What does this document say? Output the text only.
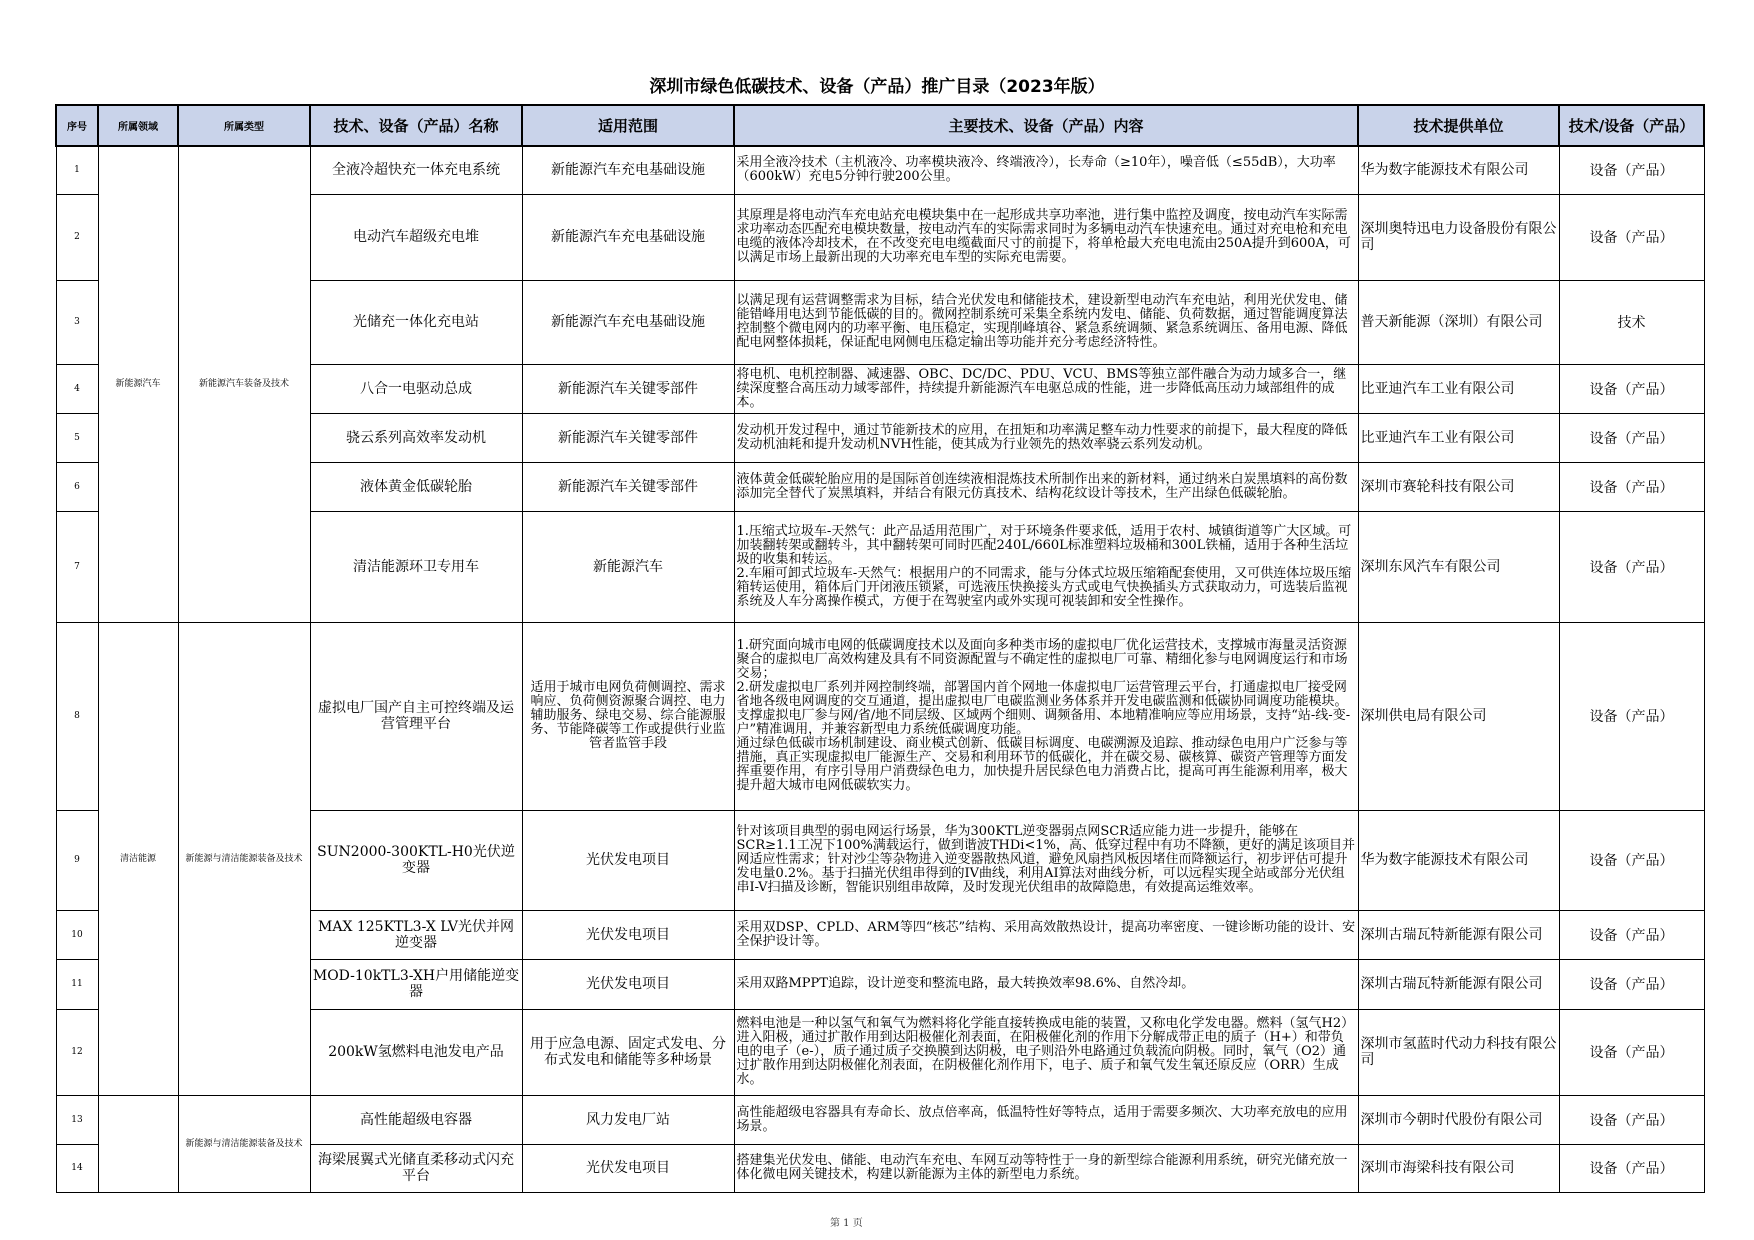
深圳市绿色低碳技术、设备（产品）推广目录（2023年版）
序号	所属领域	所属类型	技术、设备（产品）名称	适用范围	主要技术、设备（产品）内容	技术提供单位	技术/设备（产品）
1	新能源汽车	新能源汽车装备及技术	全液冷超快充一体充电系统	新能源汽车充电基础设施	采用全液冷技术（主机液冷、功率模块液冷、终端液冷），长寿命（≥10年），噪音低（≤55dB），大功率（600kW）充电5分钟行驶200公里。	华为数字能源技术有限公司	设备（产品）
2			电动汽车超级充电堆	新能源汽车充电基础设施	其原理是将电动汽车充电站充电模块集中在一起形成共享功率池，进行集中监控及调度，按电动汽车实际需求功率动态匹配充电模块数量，按电动汽车的实际需求同时为多辆电动汽车快速充电。通过对充电枪和充电电缆的液体冷却技术，在不改变充电电缆截面尺寸的前提下，将单枪最大充电电流由250A提升到600A，可以满足市场上最新出现的大功率充电车型的实际充电需要。	深圳奥特迅电力设备股份有限公司	设备（产品）
3			光储充一体化充电站	新能源汽车充电基础设施	以满足现有运营调整需求为目标，结合光伏发电和储能技术，建设新型电动汽车充电站，利用光伏发电、储能错峰用电达到节能低碳的目的。微网控制系统可采集全系统内发电、储能、负荷数据，通过智能调度算法控制整个微电网内的功率平衡、电压稳定，实现削峰填谷、紧急系统调频、紧急系统调压、备用电源、降低配电网整体损耗，保证配电网侧电压稳定输出等功能并充分考虑经济特性。	普天新能源（深圳）有限公司	技术
4			八合一电驱动总成	新能源汽车关键零部件	将电机、电机控制器、减速器、OBC、DC/DC、PDU、VCU、BMS等独立部件融合为动力域多合一，继续深度整合高压动力域零部件，持续提升新能源汽车电驱总成的性能，进一步降低高压动力域部组件的成本。	比亚迪汽车工业有限公司	设备（产品）
5			骁云系列高效率发动机	新能源汽车关键零部件	发动机开发过程中，通过节能新技术的应用，在扭矩和功率满足整车动力性要求的前提下，最大程度的降低发动机油耗和提升发动机NVH性能，使其成为行业领先的热效率骁云系列发动机。	比亚迪汽车工业有限公司	设备（产品）
6			液体黄金低碳轮胎	新能源汽车关键零部件	液体黄金低碳轮胎应用的是国际首创连续液相混炼技术所制作出来的新材料，通过纳米白炭黑填料的高份数添加完全替代了炭黑填料，并结合有限元仿真技术、结构花纹设计等技术，生产出绿色低碳轮胎。	深圳市赛轮科技有限公司	设备（产品）
7			清洁能源环卫专用车	新能源汽车	1.压缩式垃圾车-天然气：此产品适用范围广，对于环境条件要求低，适用于农村、城镇街道等广大区域。可加装翻转架或翻转斗，其中翻转架可同时匹配240L/660L标准塑料垃圾桶和300L铁桶，适用于各种生活垃圾的收集和转运。
2.车厢可卸式垃圾车-天然气：根据用户的不同需求，能与分体式垃圾压缩箱配套使用，又可供连体垃圾压缩箱转运使用，箱体后门开闭液压锁紧，可选液压快换接头方式或电气快换插头方式获取动力，可选装后监视系统及人车分离操作模式，方便于在驾驶室内或外实现可视装卸和安全性操作。	深圳东风汽车有限公司	设备（产品）
8	清洁能源	新能源与清洁能源装备及技术	虚拟电厂国产自主可控终端及运营管理平台	适用于城市电网负荷侧调控、需求响应、负荷侧资源聚合调控、电力辅助服务、绿电交易、综合能源服务、节能降碳等工作或提供行业监管者监管手段	1.研究面向城市电网的低碳调度技术以及面向多种类市场的虚拟电厂优化运营技术，支撑城市海量灵活资源聚合的虚拟电厂高效构建及具有不同资源配置与不确定性的虚拟电厂可靠、精细化参与电网调度运行和市场交易；
2.研发虚拟电厂系列并网控制终端，部署国内首个网地一体虚拟电厂运营管理云平台，打通虚拟电厂接受网省地各级电网调度的交互通道，提出虚拟电厂电碳监测业务体系并开发电碳监测和低碳协同调度功能模块。支撑虚拟电厂参与网/省/地不同层级、区域两个细则、调频备用、本地精准响应等应用场景，支持“站-线-变-户”精准调用，并兼容新型电力系统低碳调度功能。
通过绿色低碳市场机制建设、商业模式创新、低碳目标调度、电碳溯源及追踪、推动绿色电用户广泛参与等措施，真正实现虚拟电厂能源生产、交易和利用环节的低碳化，并在碳交易、碳核算、碳资产管理等方面发挥重要作用，有序引导用户消费绿色电力，加快提升居民绿色电力消费占比，提高可再生能源利用率，极大提升超大城市电网低碳软实力。	深圳供电局有限公司	设备（产品）
9			SUN2000-300KTL-H0光伏逆变器	光伏发电项目	针对该项目典型的弱电网运行场景，华为300KTL逆变器弱点网SCR适应能力进一步提升，能够在SCR≥1.1工况下100%满载运行，做到谐波THDi<1%，高、低穿过程中有功不降额，更好的满足该项目并网适应性需求；针对沙尘等杂物进入逆变器散热风道，避免风扇挡风板因堵住而降额运行，初步评估可提升发电量0.2%。基于扫描光伏组串得到的IV曲线，利用AI算法对曲线分析，可以远程实现全站或部分光伏组串I-V扫描及诊断，智能识别组串故障，及时发现光伏组串的故障隐患，有效提高运维效率。	华为数字能源技术有限公司	设备（产品）
10			MAX 125KTL3-X LV光伏并网逆变器	光伏发电项目	采用双DSP、CPLD、ARM等四“核芯”结构、采用高效散热设计，提高功率密度、一键诊断功能的设计、安全保护设计等。	深圳古瑞瓦特新能源有限公司	设备（产品）
11			MOD-10kTL3-XH户用储能逆变器	光伏发电项目	采用双路MPPT追踪，设计逆变和整流电路，最大转换效率98.6%、自然冷却。	深圳古瑞瓦特新能源有限公司	设备（产品）
12			200kW氢燃料电池发电产品	用于应急电源、固定式发电、分布式发电和储能等多种场景	燃料电池是一种以氢气和氧气为燃料将化学能直接转换成电能的装置，又称电化学发电器。燃料（氢气H2）进入阳极，通过扩散作用到达阳极催化剂表面，在阳极催化剂的作用下分解成带正电的质子（H+）和带负电的电子（e-），质子通过质子交换膜到达阴极，电子则沿外电路通过负载流向阴极。同时，氧气（O2）通过扩散作用到达阴极催化剂表面，在阴极催化剂作用下，电子、质子和氧气发生氧还原反应（ORR）生成水。	深圳市氢蓝时代动力科技有限公司	设备（产品）
13		新能源与清洁能源装备及技术	高性能超级电容器	风力发电厂站	高性能超级电容器具有寿命长、放点倍率高，低温特性好等特点，适用于需要多频次、大功率充放电的应用场景。	深圳市今朝时代股份有限公司	设备（产品）
14			海梁展翼式光储直柔移动式闪充平台	光伏发电项目	搭建集光伏发电、储能、电动汽车充电、车网互动等特性于一身的新型综合能源利用系统，研究光储充放一体化微电网关键技术，构建以新能源为主体的新型电力系统。	深圳市海梁科技有限公司	设备（产品）
第 1 页
